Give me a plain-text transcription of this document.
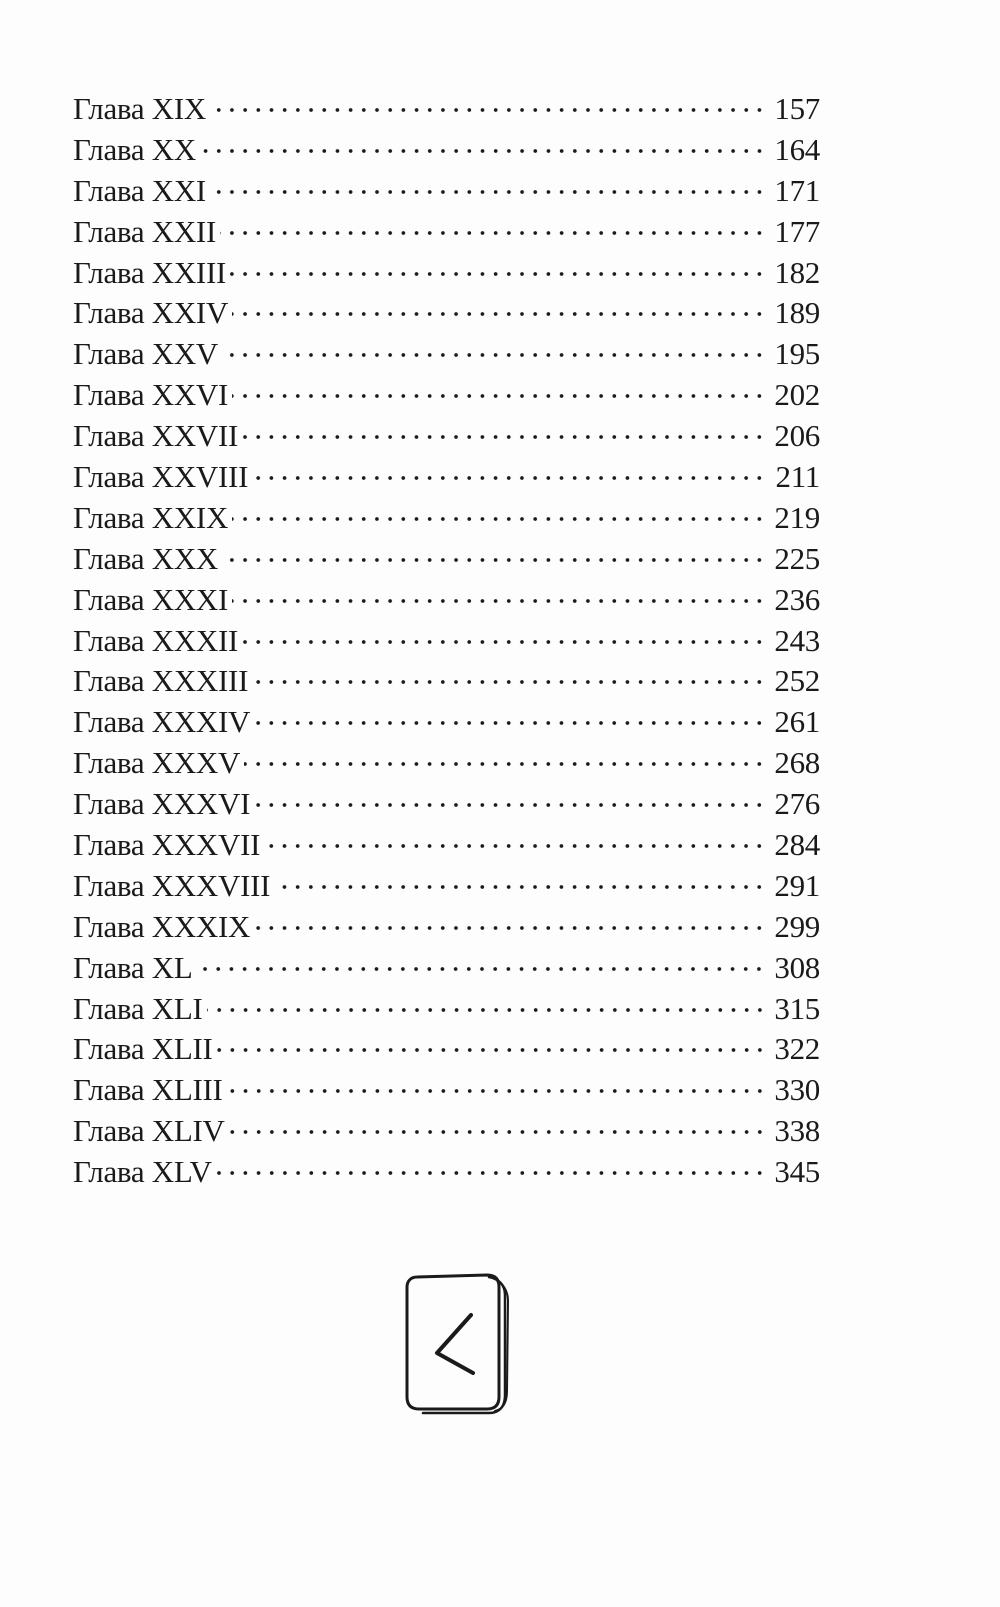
Глава XIX	157
Глава XX	164
Глава XXI	171
Глава XXII	177
Глава XXIII	182
Глава XXIV	189
Глава XXV	195
Глава XXVI	202
Глава XXVII	206
Глава XXVIII	211
Глава XXIX	219
Глава XXX	225
Глава XXXI	236
Глава XXXII	243
Глава XXXIII	252
Глава XXXIV	261
Глава XXXV	268
Глава XXXVI	276
Глава XXXVII	284
Глава XXXVIII	291
Глава XXXIX	299
Глава XL	308
Глава XLI	315
Глава XLII	322
Глава XLIII	330
Глава XLIV	338
Глава XLV	345
